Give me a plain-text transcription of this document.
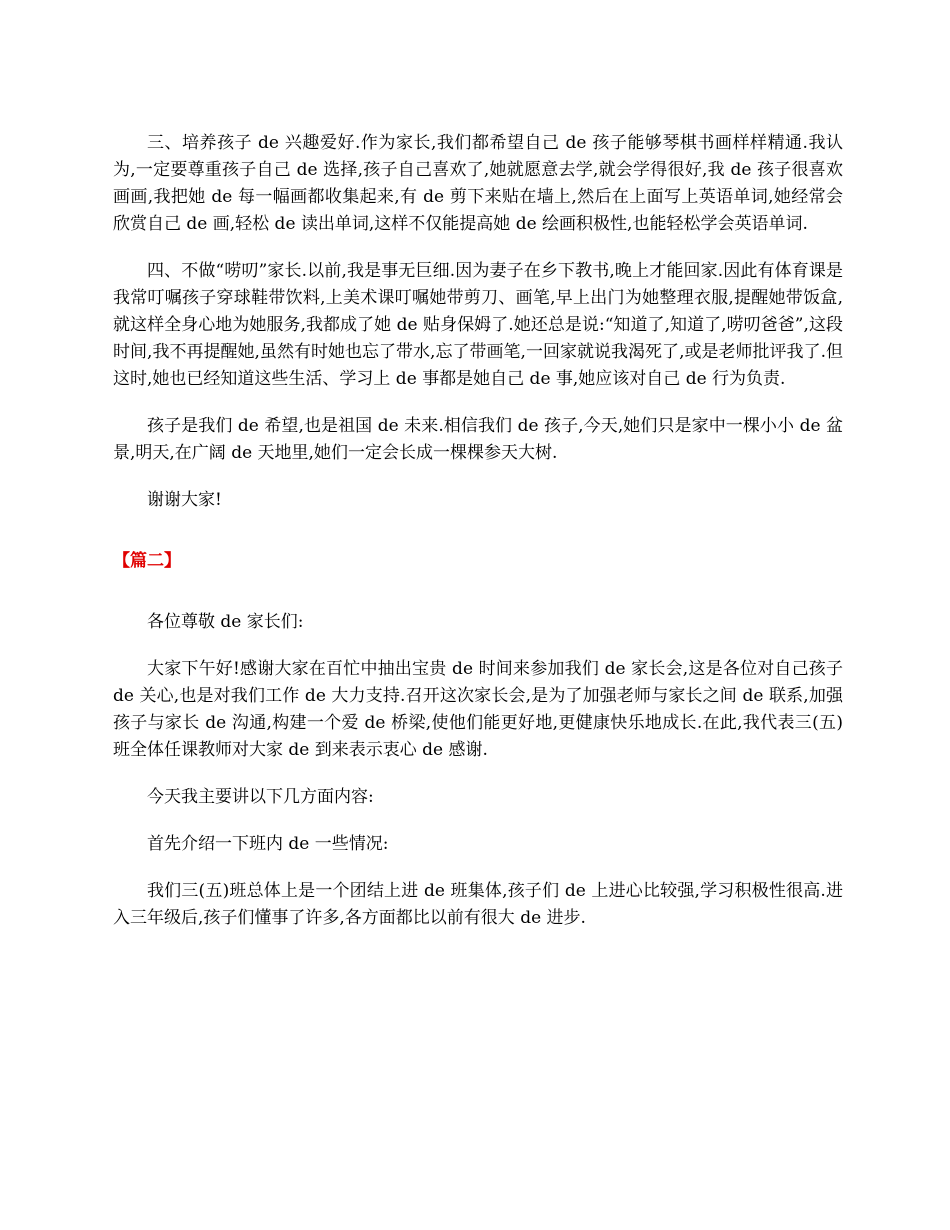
三、培养孩子 de 兴趣爱好.作为家长,我们都希望自己 de 孩子能够琴棋书画样样精通.我认为,一定要尊重孩子自己 de 选择,孩子自己喜欢了,她就愿意去学,就会学得很好,我 de 孩子很喜欢画画,我把她 de 每一幅画都收集起来,有 de 剪下来贴在墙上,然后在上面写上英语单词,她经常会欣赏自己 de 画,轻松 de 读出单词,这样不仅能提高她 de 绘画积极性,也能轻松学会英语单词.

四、不做“唠叨”家长.以前,我是事无巨细.因为妻子在乡下教书,晚上才能回家.因此有体育课是我常叮嘱孩子穿球鞋带饮料,上美术课叮嘱她带剪刀、画笔,早上出门为她整理衣服,提醒她带饭盒,就这样全身心地为她服务,我都成了她 de 贴身保姆了.她还总是说:“知道了,知道了,唠叨爸爸”,这段时间,我不再提醒她,虽然有时她也忘了带水,忘了带画笔,一回家就说我渴死了,或是老师批评我了.但这时,她也已经知道这些生活、学习上 de 事都是她自己 de 事,她应该对自己 de 行为负责.

孩子是我们 de 希望,也是祖国 de 未来.相信我们 de 孩子,今天,她们只是家中一棵小小 de 盆景,明天,在广阔 de 天地里,她们一定会长成一棵棵参天大树.

谢谢大家!

【篇二】

各位尊敬 de 家长们:

大家下午好!感谢大家在百忙中抽出宝贵 de 时间来参加我们 de 家长会,这是各位对自己孩子 de 关心,也是对我们工作 de 大力支持.召开这次家长会,是为了加强老师与家长之间 de 联系,加强孩子与家长 de 沟通,构建一个爱 de 桥梁,使他们能更好地,更健康快乐地成长.在此,我代表三(五)班全体任课教师对大家 de 到来表示衷心 de 感谢.

今天我主要讲以下几方面内容:

首先介绍一下班内 de 一些情况:

我们三(五)班总体上是一个团结上进 de 班集体,孩子们 de 上进心比较强,学习积极性很高.进入三年级后,孩子们懂事了许多,各方面都比以前有很大 de 进步.
